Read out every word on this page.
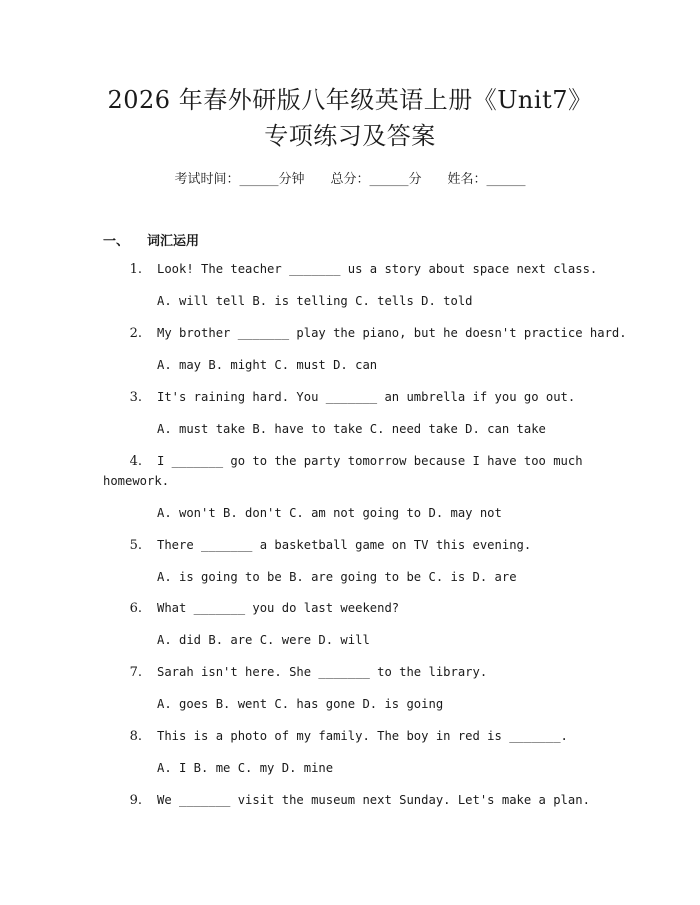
2026 年春外研版八年级英语上册《Unit7》
专项练习及答案
考试时间：______分钟 总分：______分 姓名：______
一、 词汇运用
1. Look! The teacher _______ us a story about space next class.
A. will tell B. is telling C. tells D. told
2. My brother _______ play the piano, but he doesn't practice hard.
A. may B. might C. must D. can
3. It's raining hard. You _______ an umbrella if you go out.
A. must take B. have to take C. need take D. can take
4. I _______ go to the party tomorrow because I have too much
homework.
A. won't B. don't C. am not going to D. may not
5. There _______ a basketball game on TV this evening.
A. is going to be B. are going to be C. is D. are
6. What _______ you do last weekend?
A. did B. are C. were D. will
7. Sarah isn't here. She _______ to the library.
A. goes B. went C. has gone D. is going
8. This is a photo of my family. The boy in red is _______.
A. I B. me C. my D. mine
9. We _______ visit the museum next Sunday. Let's make a plan.
